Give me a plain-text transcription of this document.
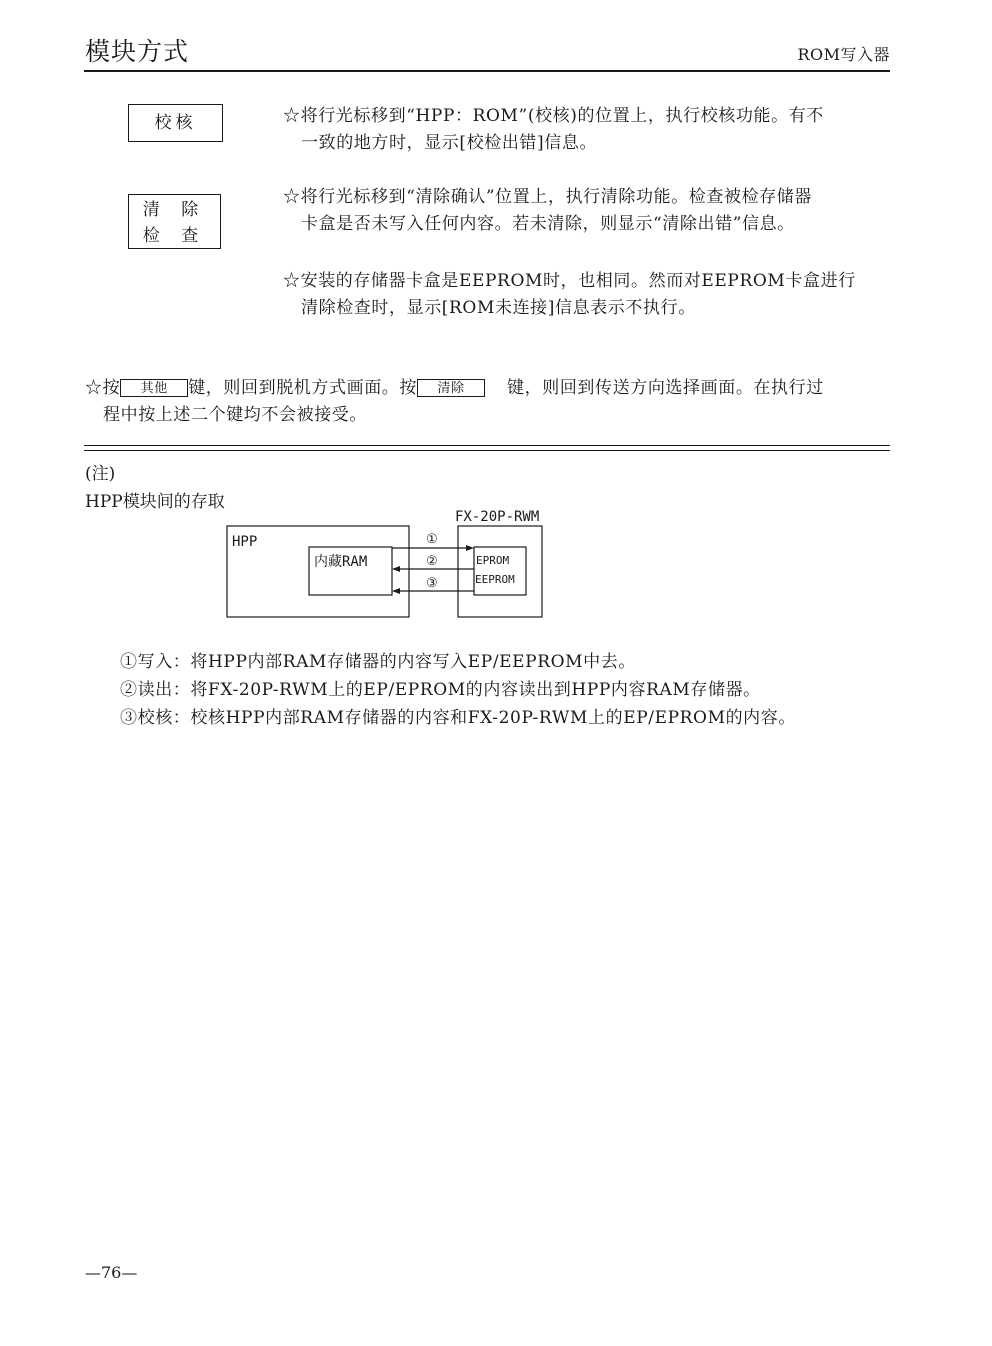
模块方式	ROM写入器
校核
清 除
检 查
☆将行光标移到“HPP：ROM”(校核)的位置上，执行校核功能。有不
一致的地方时，显示[校检出错]信息。
☆将行光标移到“清除确认”位置上，执行清除功能。检查被检存储器
卡盒是否未写入任何内容。若未清除，则显示“清除出错”信息。
☆安装的存储器卡盒是EEPROM时，也相同。然而对EEPROM卡盒进行
清除检查时，显示[ROM未连接]信息表示不执行。
☆按 其他 键，则回到脱机方式画面。按 清除 键，则回到传送方向选择画面。在执行过
程中按上述二个键均不会被接受。
(注)
HPP模块间的存取
FX-20P-RWM
HPP
内藏RAM	EPROM
EEPROM
①
②
③
①写入：将HPP内部RAM存储器的内容写入EP/EEPROM中去。
②读出：将FX-20P-RWM上的EP/EPROM的内容读出到HPP内容RAM存储器。
③校核：校核HPP内部RAM存储器的内容和FX-20P-RWM上的EP/EPROM的内容。
—76—
